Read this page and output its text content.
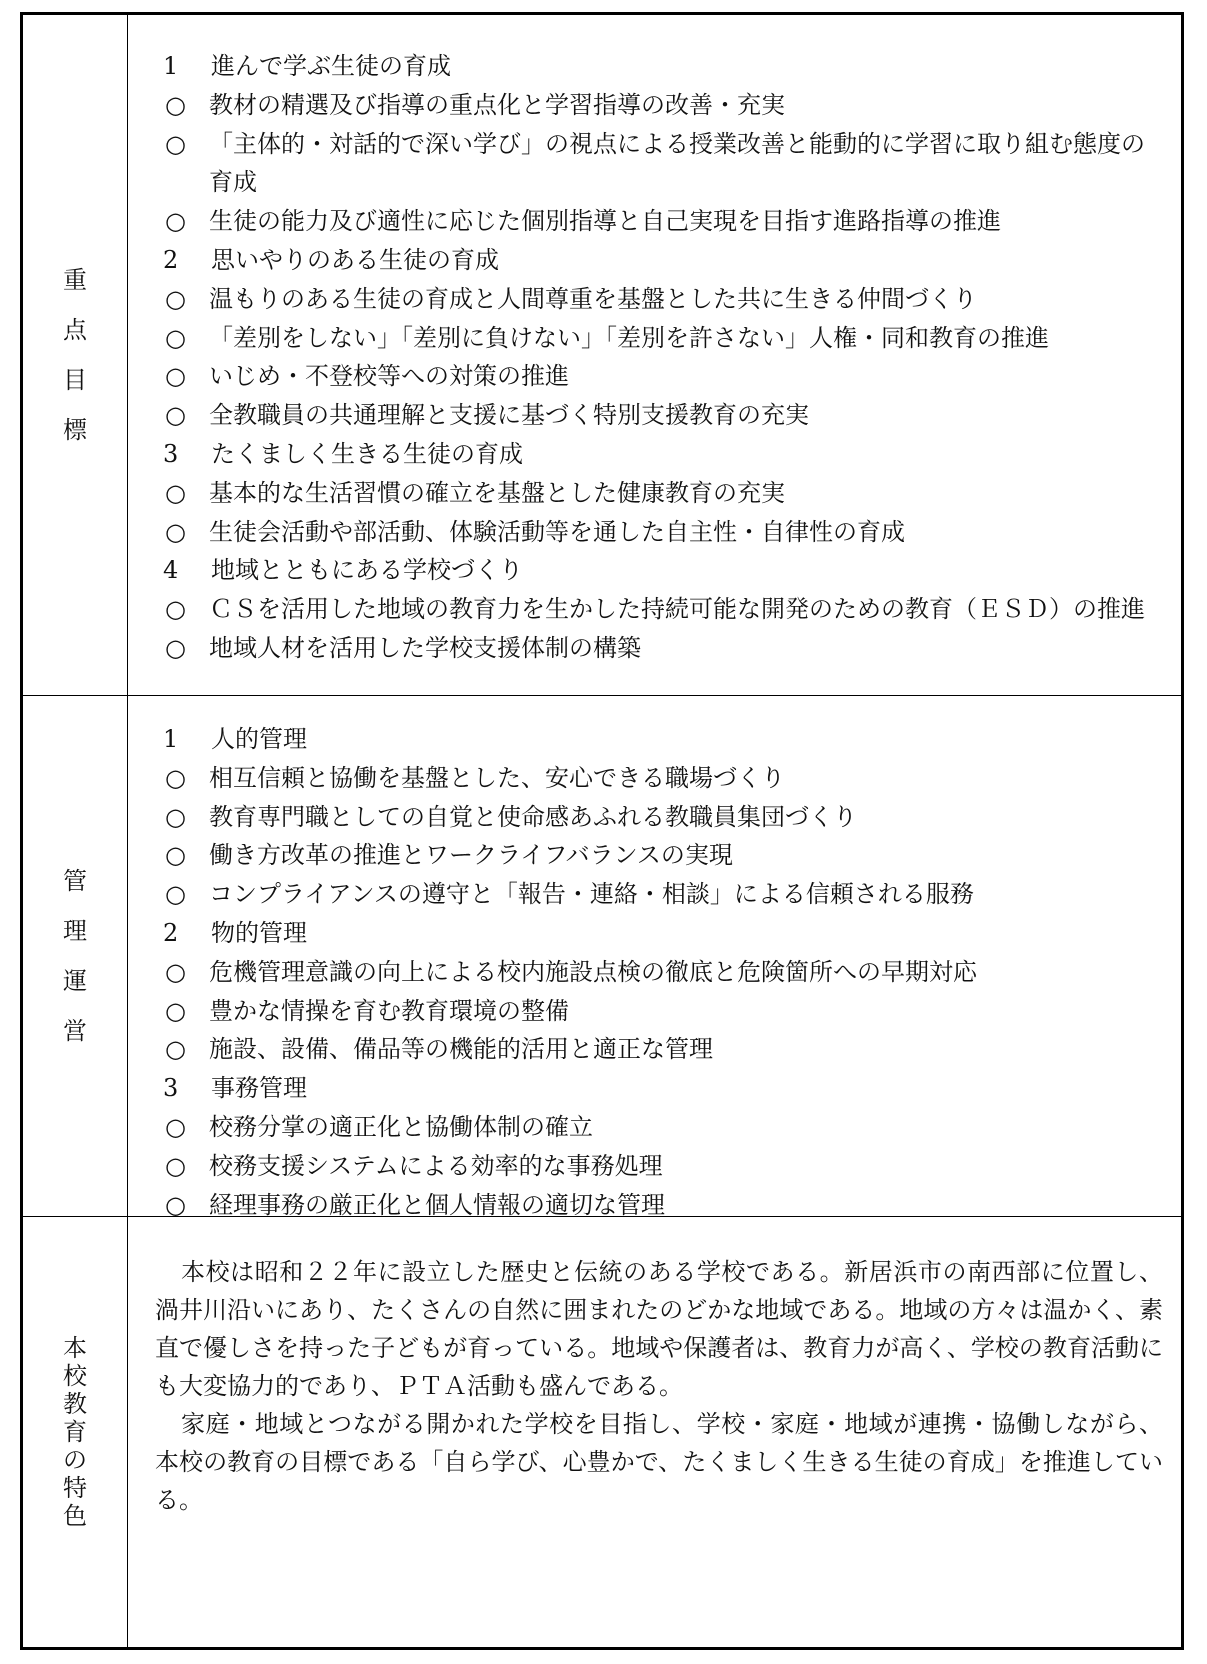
重
点
目
標
1 進んで学ぶ生徒の育成
○ 教材の精選及び指導の重点化と学習指導の改善・充実
○ 「主体的・対話的で深い学び」の視点による授業改善と能動的に学習に取り組む態度の育成
○ 生徒の能力及び適性に応じた個別指導と自己実現を目指す進路指導の推進
2 思いやりのある生徒の育成
○ 温もりのある生徒の育成と人間尊重を基盤とした共に生きる仲間づくり
○ 「差別をしない」「差別に負けない」「差別を許さない」人権・同和教育の推進
○ いじめ・不登校等への対策の推進
○ 全教職員の共通理解と支援に基づく特別支援教育の充実
3 たくましく生きる生徒の育成
○ 基本的な生活習慣の確立を基盤とした健康教育の充実
○ 生徒会活動や部活動、体験活動等を通した自主性・自律性の育成
4 地域とともにある学校づくり
○ ＣＳを活用した地域の教育力を生かした持続可能な開発のための教育（ＥＳＤ）の推進
○ 地域人材を活用した学校支援体制の構築
管
理
運
営
1 人的管理
○ 相互信頼と協働を基盤とした、安心できる職場づくり
○ 教育専門職としての自覚と使命感あふれる教職員集団づくり
○ 働き方改革の推進とワークライフバランスの実現
○ コンプライアンスの遵守と「報告・連絡・相談」による信頼される服務
2 物的管理
○ 危機管理意識の向上による校内施設点検の徹底と危険箇所への早期対応
○ 豊かな情操を育む教育環境の整備
○ 施設、設備、備品等の機能的活用と適正な管理
3 事務管理
○ 校務分掌の適正化と協働体制の確立
○ 校務支援システムによる効率的な事務処理
○ 経理事務の厳正化と個人情報の適切な管理
本
校
教
育
の
特
色
本校は昭和２２年に設立した歴史と伝統のある学校である。新居浜市の南西部に位置し、渦井川沿いにあり、たくさんの自然に囲まれたのどかな地域である。地域の方々は温かく、素直で優しさを持った子どもが育っている。地域や保護者は、教育力が高く、学校の教育活動にも大変協力的であり、ＰＴＡ活動も盛んである。
家庭・地域とつながる開かれた学校を目指し、学校・家庭・地域が連携・協働しながら、本校の教育の目標である「自ら学び、心豊かで、たくましく生きる生徒の育成」を推進している。
